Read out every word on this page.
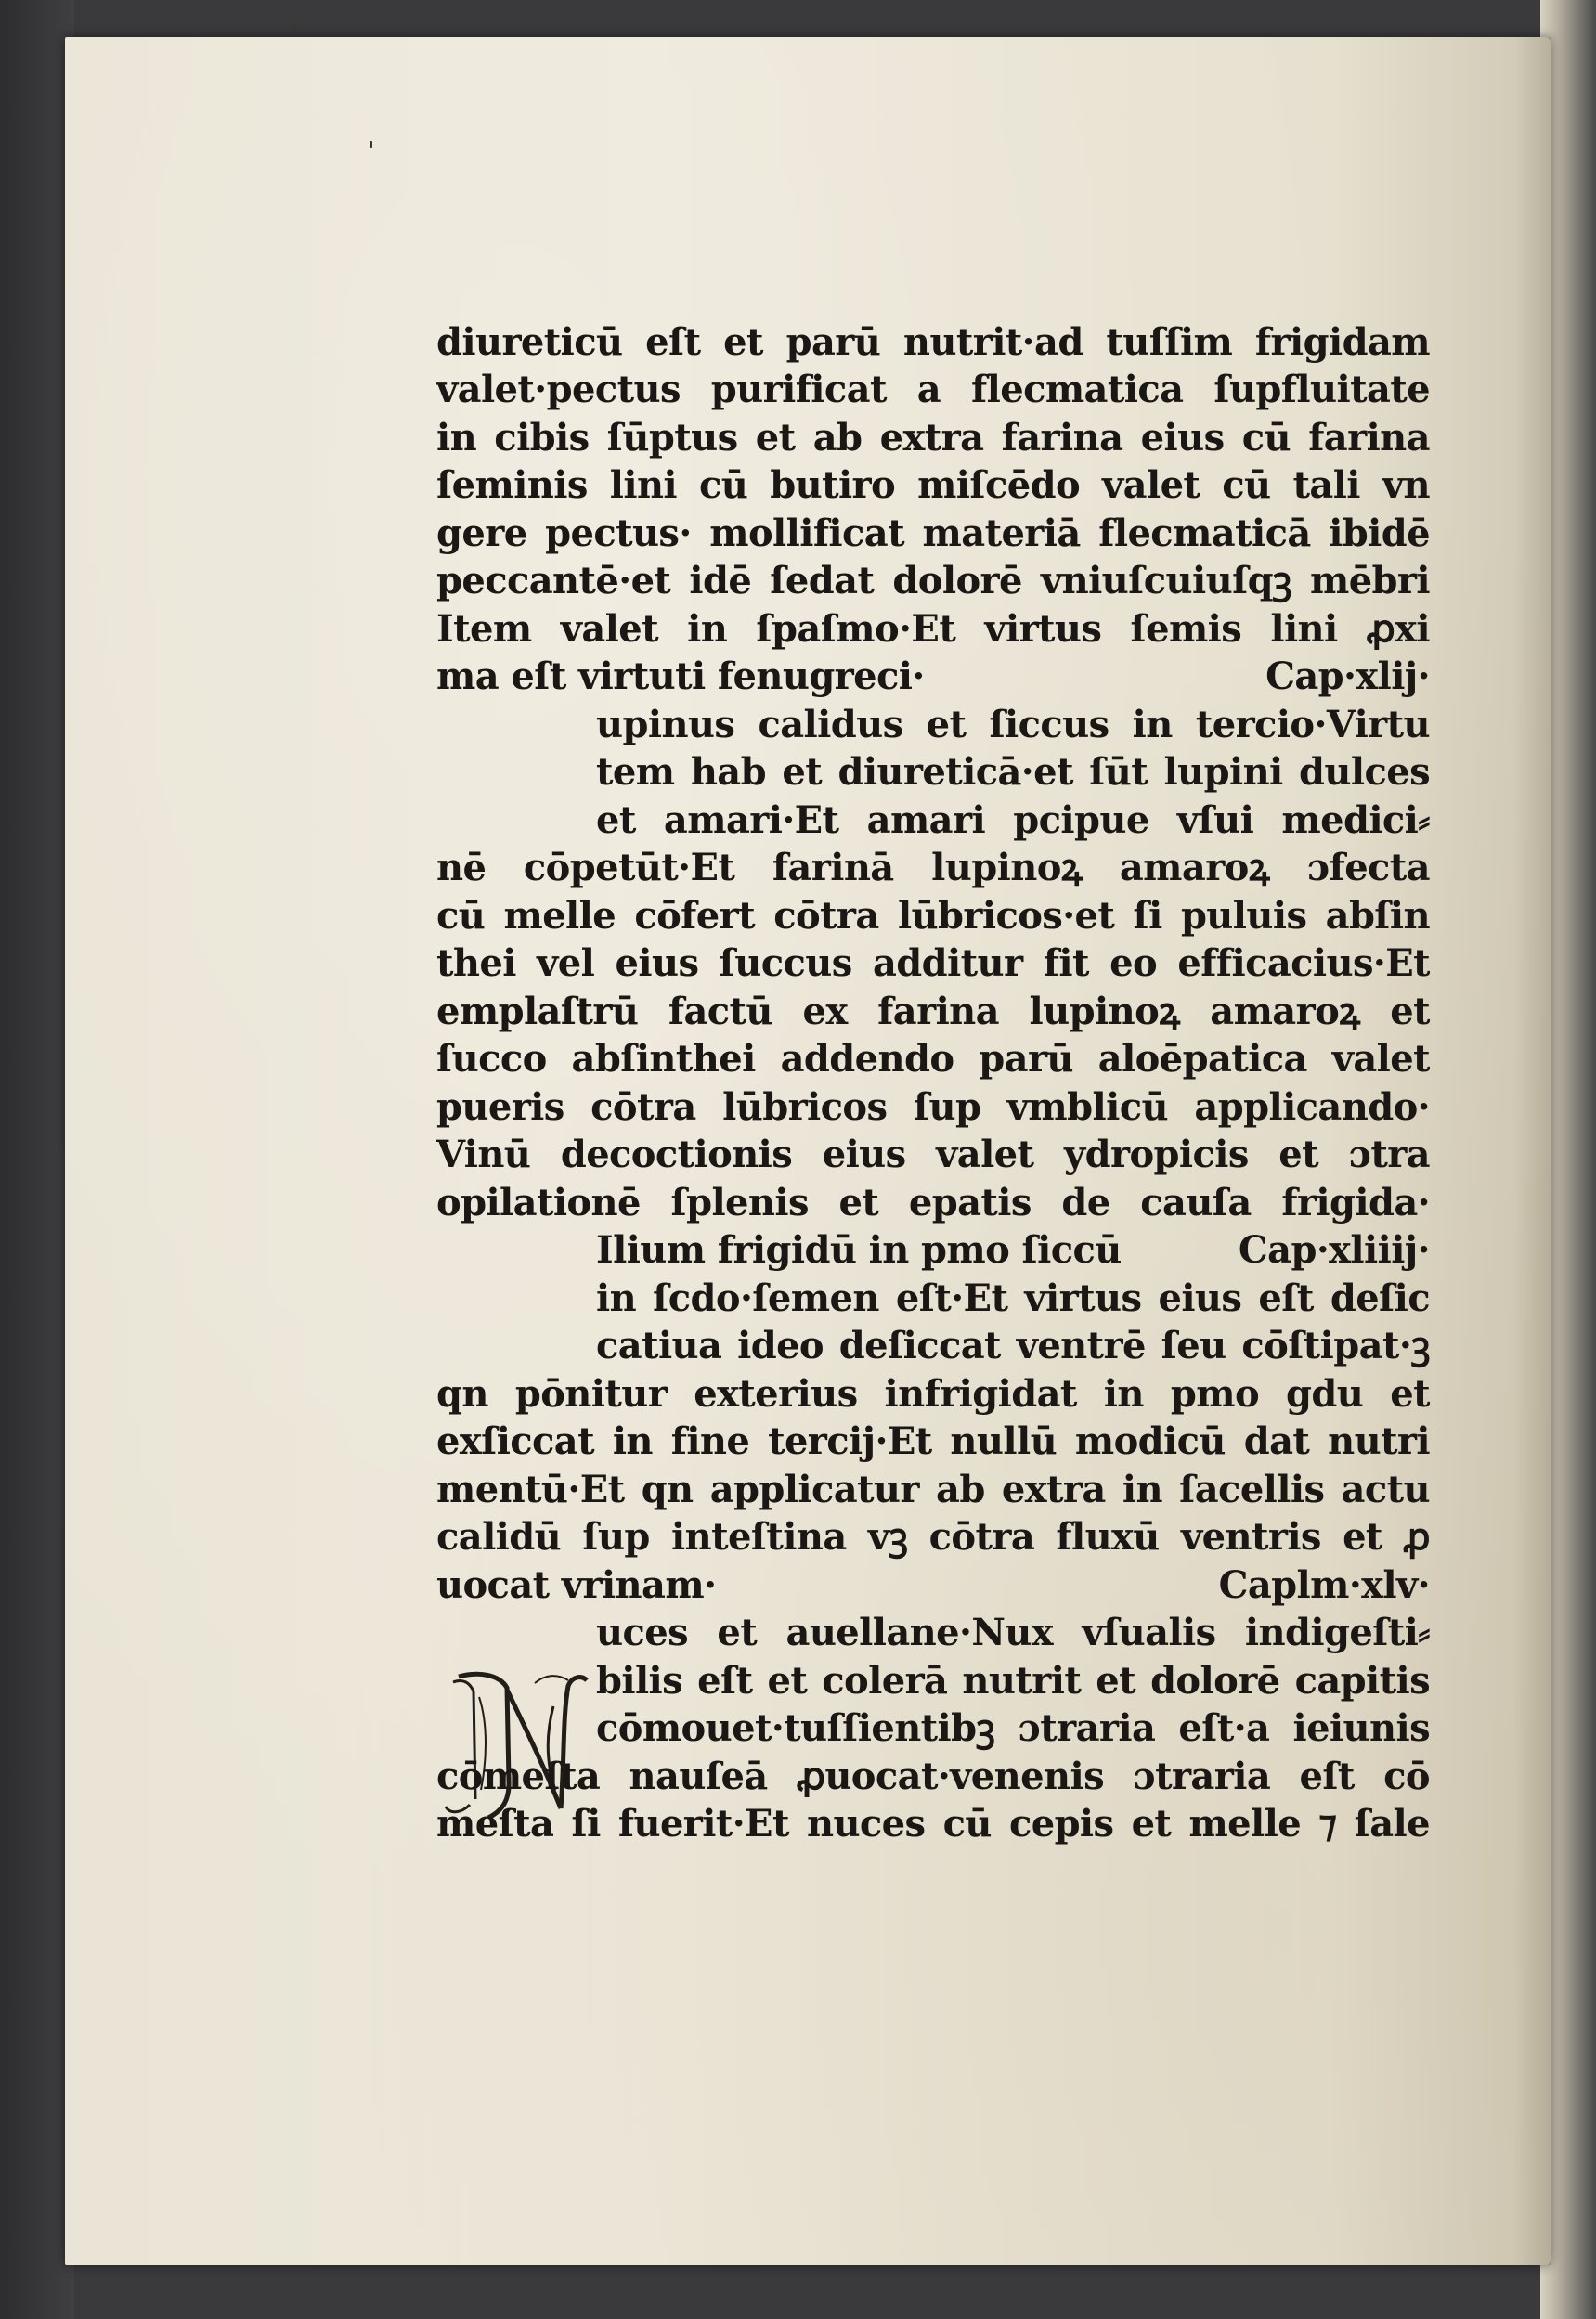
diureticū eſt et parū nutrit·ad tuſſim frigidam
valet·pectus purificat a flecmatica ſupfluitate
in cibis ſūptus et ab extra farina eius cū farina
ſeminis lini cū butiro miſcēdo valet cū tali vn
gere pectus· mollificat materiā flecmaticā ibidē
peccantē·et idē ſedat dolorē vniuſcuiuſqꝫ mēbri
Item valet in ſpaſmo·Et virtus ſemis lini ꝓxi
ma eſt virtuti fenugreci·	Cap·xlij·
upinus calidus et ſiccus in tercio·Virtu
tem hab et diureticā·et ſūt lupini dulces
et amari·Et amari pcipue vſui medici⸗
nē cōpetūt·Et farinā lupinoꝝ amaroꝝ ɔfecta
cū melle cōfert cōtra lūbricos·et ſi puluis abſin
thei vel eius ſuccus additur fit eo efficacius·Et
emplaſtrū factū ex farina lupinoꝝ amaroꝝ et
ſucco abſinthei addendo parū aloēpatica valet
pueris cōtra lūbricos ſup vmblicū applicando·
Vinū decoctionis eius valet ydropicis et ɔtra
opilationē ſplenis et epatis de cauſa frigida·
Ilium frigidū in pmo ſiccū	Cap·xliiij·
in ſcdo·ſemen eſt·Et virtus eius eſt deſic
catiua ideo deſiccat ventrē ſeu cōſtipat·ꝫ
qn pōnitur exterius infrigidat in pmo gdu et
exſiccat in fine tercij·Et nullū modicū dat nutri
mentū·Et qn applicatur ab extra in ſacellis actu
calidū ſup inteſtina vꝫ cōtra fluxū ventris et ꝓ
uocat vrinam·	Caplm·xlv·
uces et auellane·Nux vſualis indigeſti⸗
bilis eſt et colerā nutrit et dolorē capitis
cōmouet·tuſſientibꝫ ɔtraria eſt·a ieiunis
cōmeſta nauſeā ꝓuocat·venenis ɔtraria eſt cō
meſta ſi fuerit·Et nuces cū cepis et melle ⁊ ſale
